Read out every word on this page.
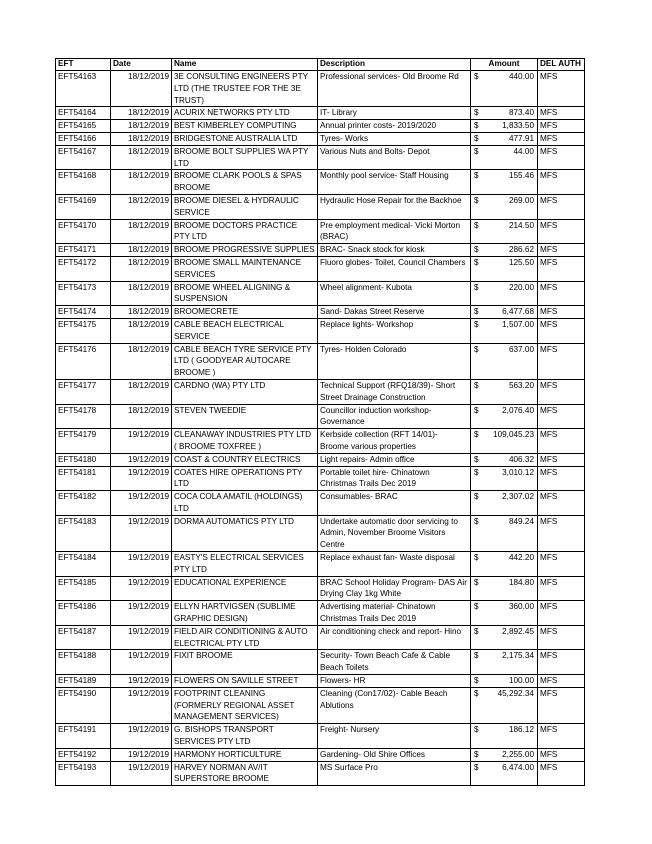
EFT	Date	Name	Description	Amount	DEL AUTH
EFT54163	18/12/2019	3E CONSULTING ENGINEERS PTY LTD (THE TRUSTEE FOR THE 3E TRUST)	Professional services- Old Broome Rd	$ 440.00	MFS
EFT54164	18/12/2019	ACURIX NETWORKS PTY LTD	IT- Library	$ 873.40	MFS
EFT54165	18/12/2019	BEST KIMBERLEY COMPUTING	Annual printer costs- 2019/2020	$ 1,833.50	MFS
EFT54166	18/12/2019	BRIDGESTONE AUSTRALIA LTD	Tyres- Works	$ 477.91	MFS
EFT54167	18/12/2019	BROOME BOLT SUPPLIES WA PTY LTD	Various Nuts and Bolts- Depot	$ 44.00	MFS
EFT54168	18/12/2019	BROOME CLARK POOLS & SPAS BROOME	Monthly pool service- Staff Housing	$ 155.46	MFS
EFT54169	18/12/2019	BROOME DIESEL & HYDRAULIC SERVICE	Hydraulic Hose Repair for the Backhoe	$ 269.00	MFS
EFT54170	18/12/2019	BROOME DOCTORS PRACTICE PTY LTD	Pre employment medical- Vicki Morton (BRAC)	$ 214.50	MFS
EFT54171	18/12/2019	BROOME PROGRESSIVE SUPPLIES	BRAC- Snack stock for kiosk	$ 286.62	MFS
EFT54172	18/12/2019	BROOME SMALL MAINTENANCE SERVICES	Fluoro globes- Toilet, Council Chambers	$ 125.50	MFS
EFT54173	18/12/2019	BROOME WHEEL ALIGNING & SUSPENSION	Wheel alignment- Kubota	$ 220.00	MFS
EFT54174	18/12/2019	BROOMECRETE	Sand- Dakas Street Reserve	$ 6,477.68	MFS
EFT54175	18/12/2019	CABLE BEACH ELECTRICAL SERVICE	Replace lights- Workshop	$ 1,507.00	MFS
EFT54176	18/12/2019	CABLE BEACH TYRE SERVICE PTY LTD ( GOODYEAR AUTOCARE BROOME )	Tyres- Holden Colorado	$ 637.00	MFS
EFT54177	18/12/2019	CARDNO (WA) PTY LTD	Technical Support (RFQ18/39)- Short Street Drainage Construction	$ 563.20	MFS
EFT54178	18/12/2019	STEVEN TWEEDIE	Councillor induction workshop- Governance	$ 2,076.40	MFS
EFT54179	19/12/2019	CLEANAWAY INDUSTRIES PTY LTD ( BROOME TOXFREE )	Kerbside collection (RFT 14/01)- Broome various properties	$ 109,045.23	MFS
EFT54180	19/12/2019	COAST & COUNTRY ELECTRICS	Light repairs- Admin office	$ 406.32	MFS
EFT54181	19/12/2019	COATES HIRE OPERATIONS PTY LTD	Portable toilet hire- Chinatown Christmas Trails Dec 2019	$ 3,010.12	MFS
EFT54182	19/12/2019	COCA COLA AMATIL (HOLDINGS) LTD	Consumables- BRAC	$ 2,307.02	MFS
EFT54183	19/12/2019	DORMA AUTOMATICS PTY LTD	Undertake automatic door servicing to Admin, November Broome Visitors Centre	$ 849.24	MFS
EFT54184	19/12/2019	EASTY'S ELECTRICAL SERVICES PTY LTD	Replace exhaust fan- Waste disposal	$ 442.20	MFS
EFT54185	19/12/2019	EDUCATIONAL EXPERIENCE	BRAC School Holiday Program- DAS Air Drying Clay 1kg White	$ 184.80	MFS
EFT54186	19/12/2019	ELLYN HARTVIGSEN (SUBLIME GRAPHIC DESIGN)	Advertising material- Chinatown Christmas Trails Dec 2019	$ 360.00	MFS
EFT54187	19/12/2019	FIELD AIR CONDITIONING & AUTO ELECTRICAL PTY LTD	Air conditioning check and report- Hino	$ 2,892.45	MFS
EFT54188	19/12/2019	FIXIT BROOME	Security- Town Beach Cafe & Cable Beach Toilets	$ 2,175.34	MFS
EFT54189	19/12/2019	FLOWERS ON SAVILLE STREET	Flowers- HR	$ 100.00	MFS
EFT54190	19/12/2019	FOOTPRINT CLEANING (FORMERLY REGIONAL ASSET MANAGEMENT SERVICES)	Cleaning (Con17/02)- Cable Beach Ablutions	$ 45,292.34	MFS
EFT54191	19/12/2019	G. BISHOPS TRANSPORT SERVICES PTY LTD	Freight- Nursery	$ 186.12	MFS
EFT54192	19/12/2019	HARMONY HORTICULTURE	Gardening- Old Shire Offices	$ 2,255.00	MFS
EFT54193	19/12/2019	HARVEY NORMAN AV/IT SUPERSTORE BROOME	MS Surface Pro	$ 6,474.00	MFS
